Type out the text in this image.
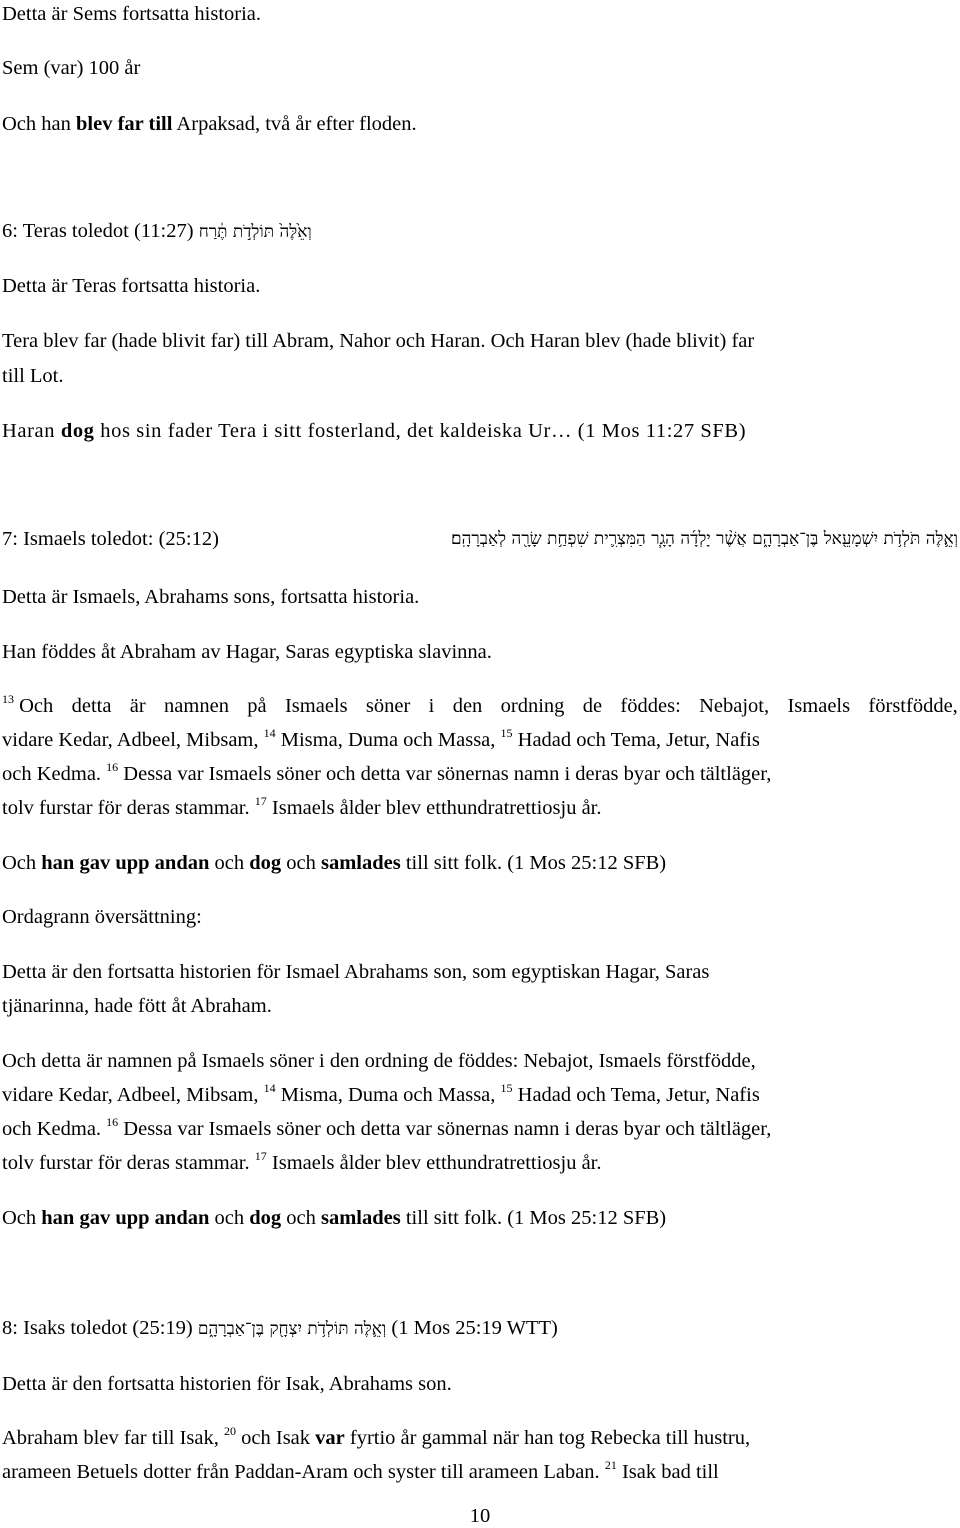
Detta är Sems fortsatta historia.
Sem (var) 100 år
Och han blev far till Arpaksad, två år efter floden.
6: Teras toledot (11:27) וְאֵ֙לֶּה֙ תּוֹלְדֹ֣ת תֶּ֔רַח
Detta är Teras fortsatta historia.
Tera blev far (hade blivit far) till Abram, Nahor och Haran. Och Haran blev (hade blivit) far
till Lot.
Haran dog hos sin fader Tera i sitt fosterland, det kaldeiska Ur… (1 Mos 11:27 SFB)
7: Ismaels toledot: (25:12)	וְאֵ֛לֶּה תֹּלְדֹ֥ת יִשְׁמָעֵ֖אל בֶּן־אַבְרָהָ֑ם אֲשֶׁ֨ר יָלְדָ֜ה הָגָ֧ר הַמִּצְרִ֛ית שִׁפְחַ֥ת שָׂרָ֖ה לְאַבְרָהָֽם׃
Detta är Ismaels, Abrahams sons, fortsatta historia.
Han föddes åt Abraham av Hagar, Saras egyptiska slavinna.
$^{13}$ Och detta är namnen på Ismaels söner i den ordning de föddes: Nebajot, Ismaels förstfödde,
vidare Kedar, Adbeel, Mibsam, $^{14}$ Misma, Duma och Massa, $^{15}$ Hadad och Tema, Jetur, Nafis
och Kedma. $^{16}$ Dessa var Ismaels söner och detta var sönernas namn i deras byar och tältläger,
tolv furstar för deras stammar. $^{17}$ Ismaels ålder blev etthundratrettiosju år.
Och han gav upp andan och dog och samlades till sitt folk. (1 Mos 25:12 SFB)
Ordagrann översättning:
Detta är den fortsatta historien för Ismael Abrahams son, som egyptiskan Hagar, Saras
tjänarinna, hade fött åt Abraham.
Och detta är namnen på Ismaels söner i den ordning de föddes: Nebajot, Ismaels förstfödde,
vidare Kedar, Adbeel, Mibsam, $^{14}$ Misma, Duma och Massa, $^{15}$ Hadad och Tema, Jetur, Nafis
och Kedma. $^{16}$ Dessa var Ismaels söner och detta var sönernas namn i deras byar och tältläger,
tolv furstar för deras stammar. $^{17}$ Ismaels ålder blev etthundratrettiosju år.
Och han gav upp andan och dog och samlades till sitt folk. (1 Mos 25:12 SFB)
8: Isaks toledot (25:19) וְאֵ֛לֶּה תּוֹלְדֹ֥ת יִצְחָ֖ק בֶּן־אַבְרָהָ֑ם (1 Mos 25:19 WTT)
Detta är den fortsatta historien för Isak, Abrahams son.
Abraham blev far till Isak, $^{20}$ och Isak var fyrtio år gammal när han tog Rebecka till hustru,
arameen Betuels dotter från Paddan-Aram och syster till arameen Laban. $^{21}$ Isak bad till
10
